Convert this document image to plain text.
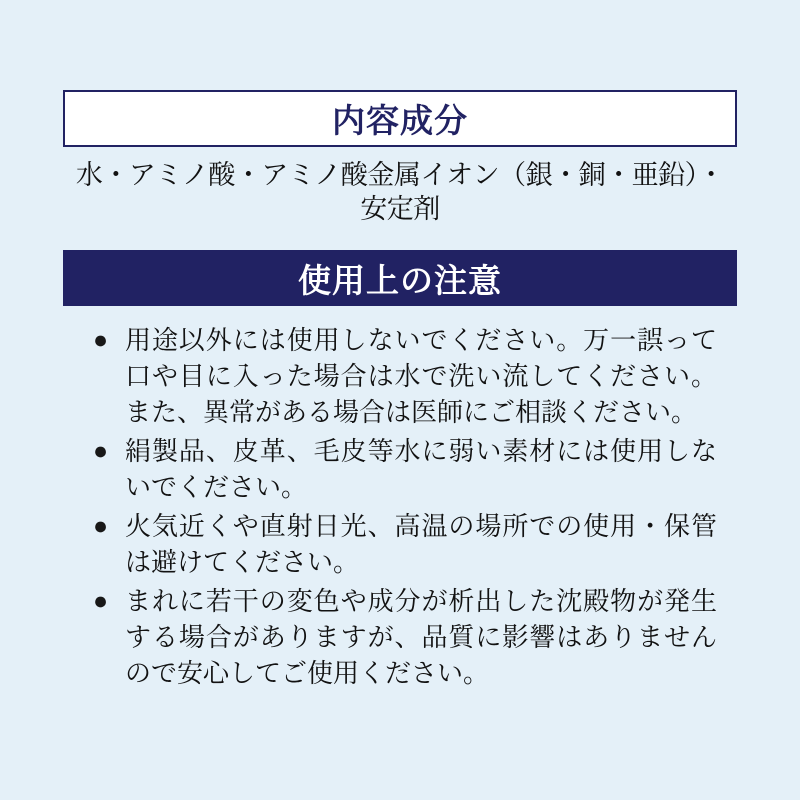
内容成分
水・アミノ酸・アミノ酸金属イオン（銀・銅・亜鉛）・安定剤
使用上の注意
● 用途以外には使用しないでください。万一誤って口や目に入った場合は水で洗い流してください。また、異常がある場合は医師にご相談ください。
● 絹製品、皮革、毛皮等水に弱い素材には使用しないでください。
● 火気近くや直射日光、高温の場所での使用・保管は避けてください。
● まれに若干の変色や成分が析出した沈殿物が発生する場合がありますが、品質に影響はありませんので安心してご使用ください。
